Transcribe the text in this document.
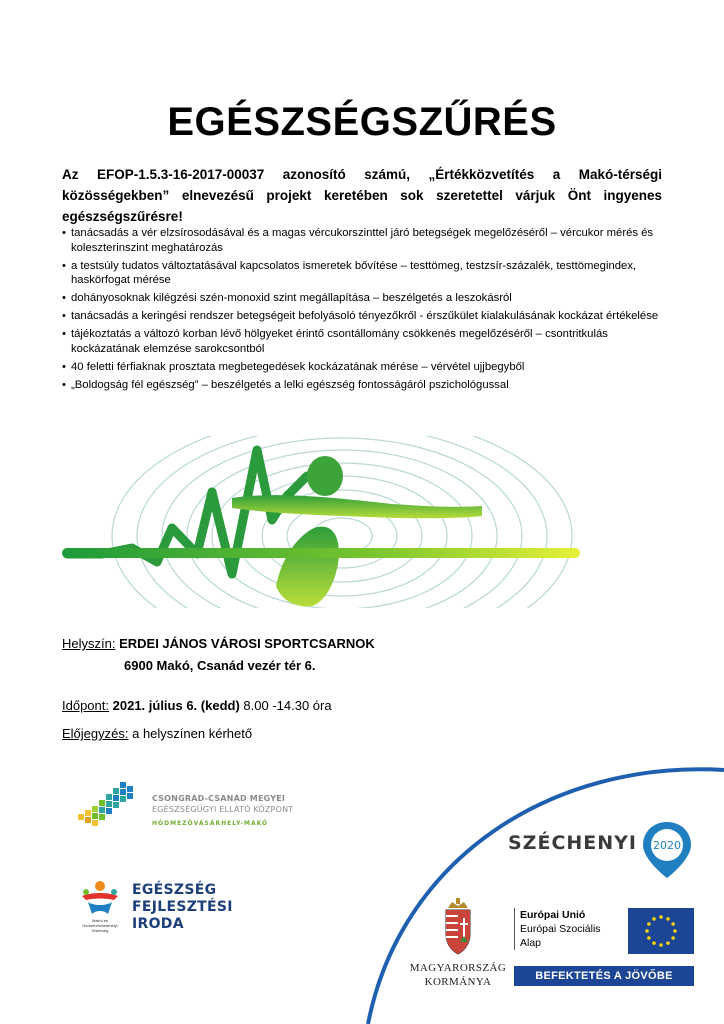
EGÉSZSÉGSZŰRÉS
Az EFOP-1.5.3-16-2017-00037 azonosító számú, „Értékközvetítés a Makó-térségi közösségekben” elnevezésű projekt keretében sok szeretettel várjuk Önt ingyenes egészségszűrésre!
• tanácsadás a vér elzsírosodásával és a magas vércukorszinttel járó betegségek megelőzéséről – vércukor mérés és koleszterinszint meghatározás
• a testsúly tudatos változtatásával kapcsolatos ismeretek bővítése – testtömeg, testzsír-százalék, testtömegindex, haskörfogat mérése
• dohányosoknak kilégzési szén-monoxid szint megállapítása – beszélgetés a leszokásról
• tanácsadás a keringési rendszer betegségeit befolyásoló tényezőkről - érszűkület kialakulásának kockázat értékelése
• tájékoztatás a változó korban lévő hölgyeket érintő csontállomány csökkenés megelőzéséről – csontritkulás kockázatának elemzése sarokcsontból
• 40 feletti férfiaknak prosztata megbetegedések kockázatának mérése – vérvétel ujjbegyből
• „Boldogság fél egészség” – beszélgetés a lelki egészség fontosságáról pszichológussal
Helyszín: ERDEI JÁNOS VÁROSI SPORTCSARNOK
6900 Makó, Csanád vezér tér 6.
Időpont: 2021. július 6. (kedd) 8.00 -14.30 óra
Előjegyzés: a helyszínen kérhető
CSONGRÁD-CSANÁD MEGYEI
EGÉSZSÉGÜGYI ELLÁTÓ KÖZPONT
HÓDMEZŐVÁSÁRHELY-MAKÓ
Makói és Hódmezővásárhelyi Kistérség
EGÉSZSÉG
FEJLESZTÉSI
IRODA
SZÉCHENYI 2020
MAGYARORSZÁG
KORMÁNYA
Európai Unió
Európai Szociális
Alap
BEFEKTETÉS A JÖVŐBE
